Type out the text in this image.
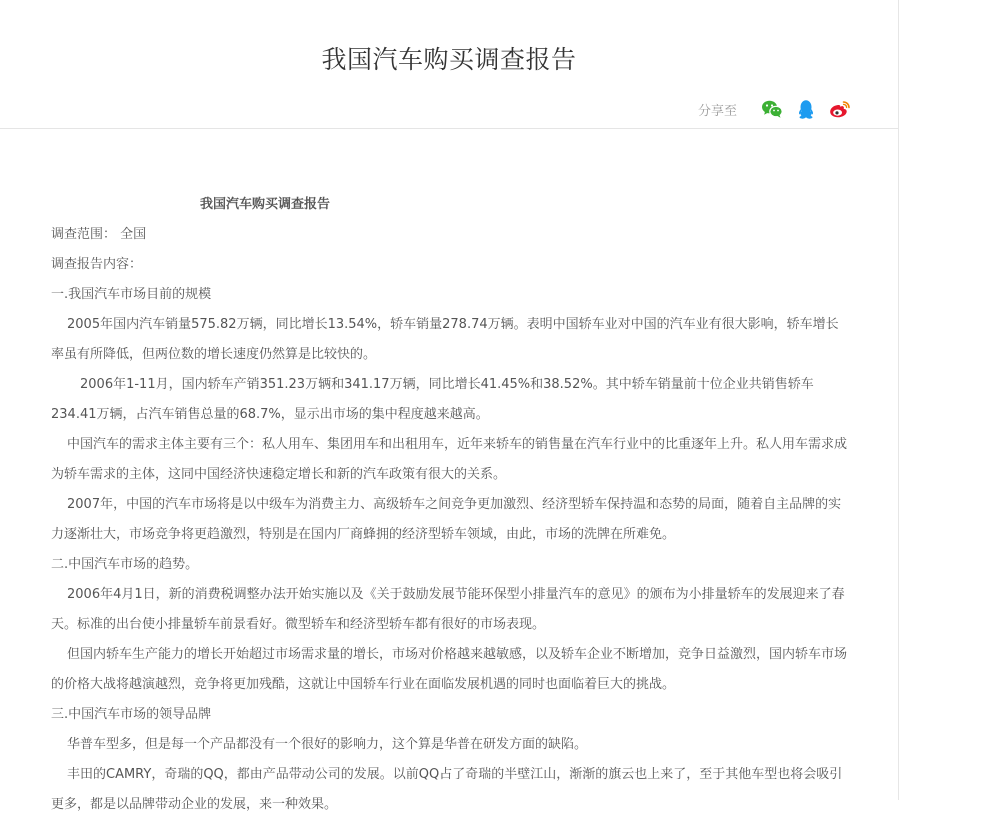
我国汽车购买调查报告
分享至
我国汽车购买调查报告

调查范围： 全国

调查报告内容：

一.我国汽车市场目前的规模

2005年国内汽车销量575.82万辆，同比增长13.54%，轿车销量278.74万辆。表明中国轿车业对中国的汽车业有很大影响，轿车增长率虽有所降低，但两位数的增长速度仍然算是比较快的。

2006年1-11月，国内轿车产销351.23万辆和341.17万辆，同比增长41.45%和38.52%。其中轿车销量前十位企业共销售轿车234.41万辆，占汽车销售总量的68.7%，显示出市场的集中程度越来越高。

中国汽车的需求主体主要有三个：私人用车、集团用车和出租用车，近年来轿车的销售量在汽车行业中的比重逐年上升。私人用车需求成为轿车需求的主体，这同中国经济快速稳定增长和新的汽车政策有很大的关系。

2007年，中国的汽车市场将是以中级车为消费主力、高级轿车之间竞争更加激烈、经济型轿车保持温和态势的局面，随着自主品牌的实力逐渐壮大，市场竞争将更趋激烈，特别是在国内厂商蜂拥的经济型轿车领域，由此，市场的洗牌在所难免。

二.中国汽车市场的趋势。

2006年4月1日，新的消费税调整办法开始实施以及《关于鼓励发展节能环保型小排量汽车的意见》的颁布为小排量轿车的发展迎来了春天。标准的出台使小排量轿车前景看好。微型轿车和经济型轿车都有很好的市场表现。

但国内轿车生产能力的增长开始超过市场需求量的增长，市场对价格越来越敏感，以及轿车企业不断增加，竞争日益激烈，国内轿车市场的价格大战将越演越烈，竞争将更加残酷，这就让中国轿车行业在面临发展机遇的同时也面临着巨大的挑战。

三.中国汽车市场的领导品牌

华普车型多，但是每一个产品都没有一个很好的影响力，这个算是华普在研发方面的缺陷。

丰田的CAMRY，奇瑞的QQ，都由产品带动公司的发展。以前QQ占了奇瑞的半壁江山，渐渐的旗云也上来了，至于其他车型也将会吸引更多，都是以品牌带动企业的发展，来一种效果。
